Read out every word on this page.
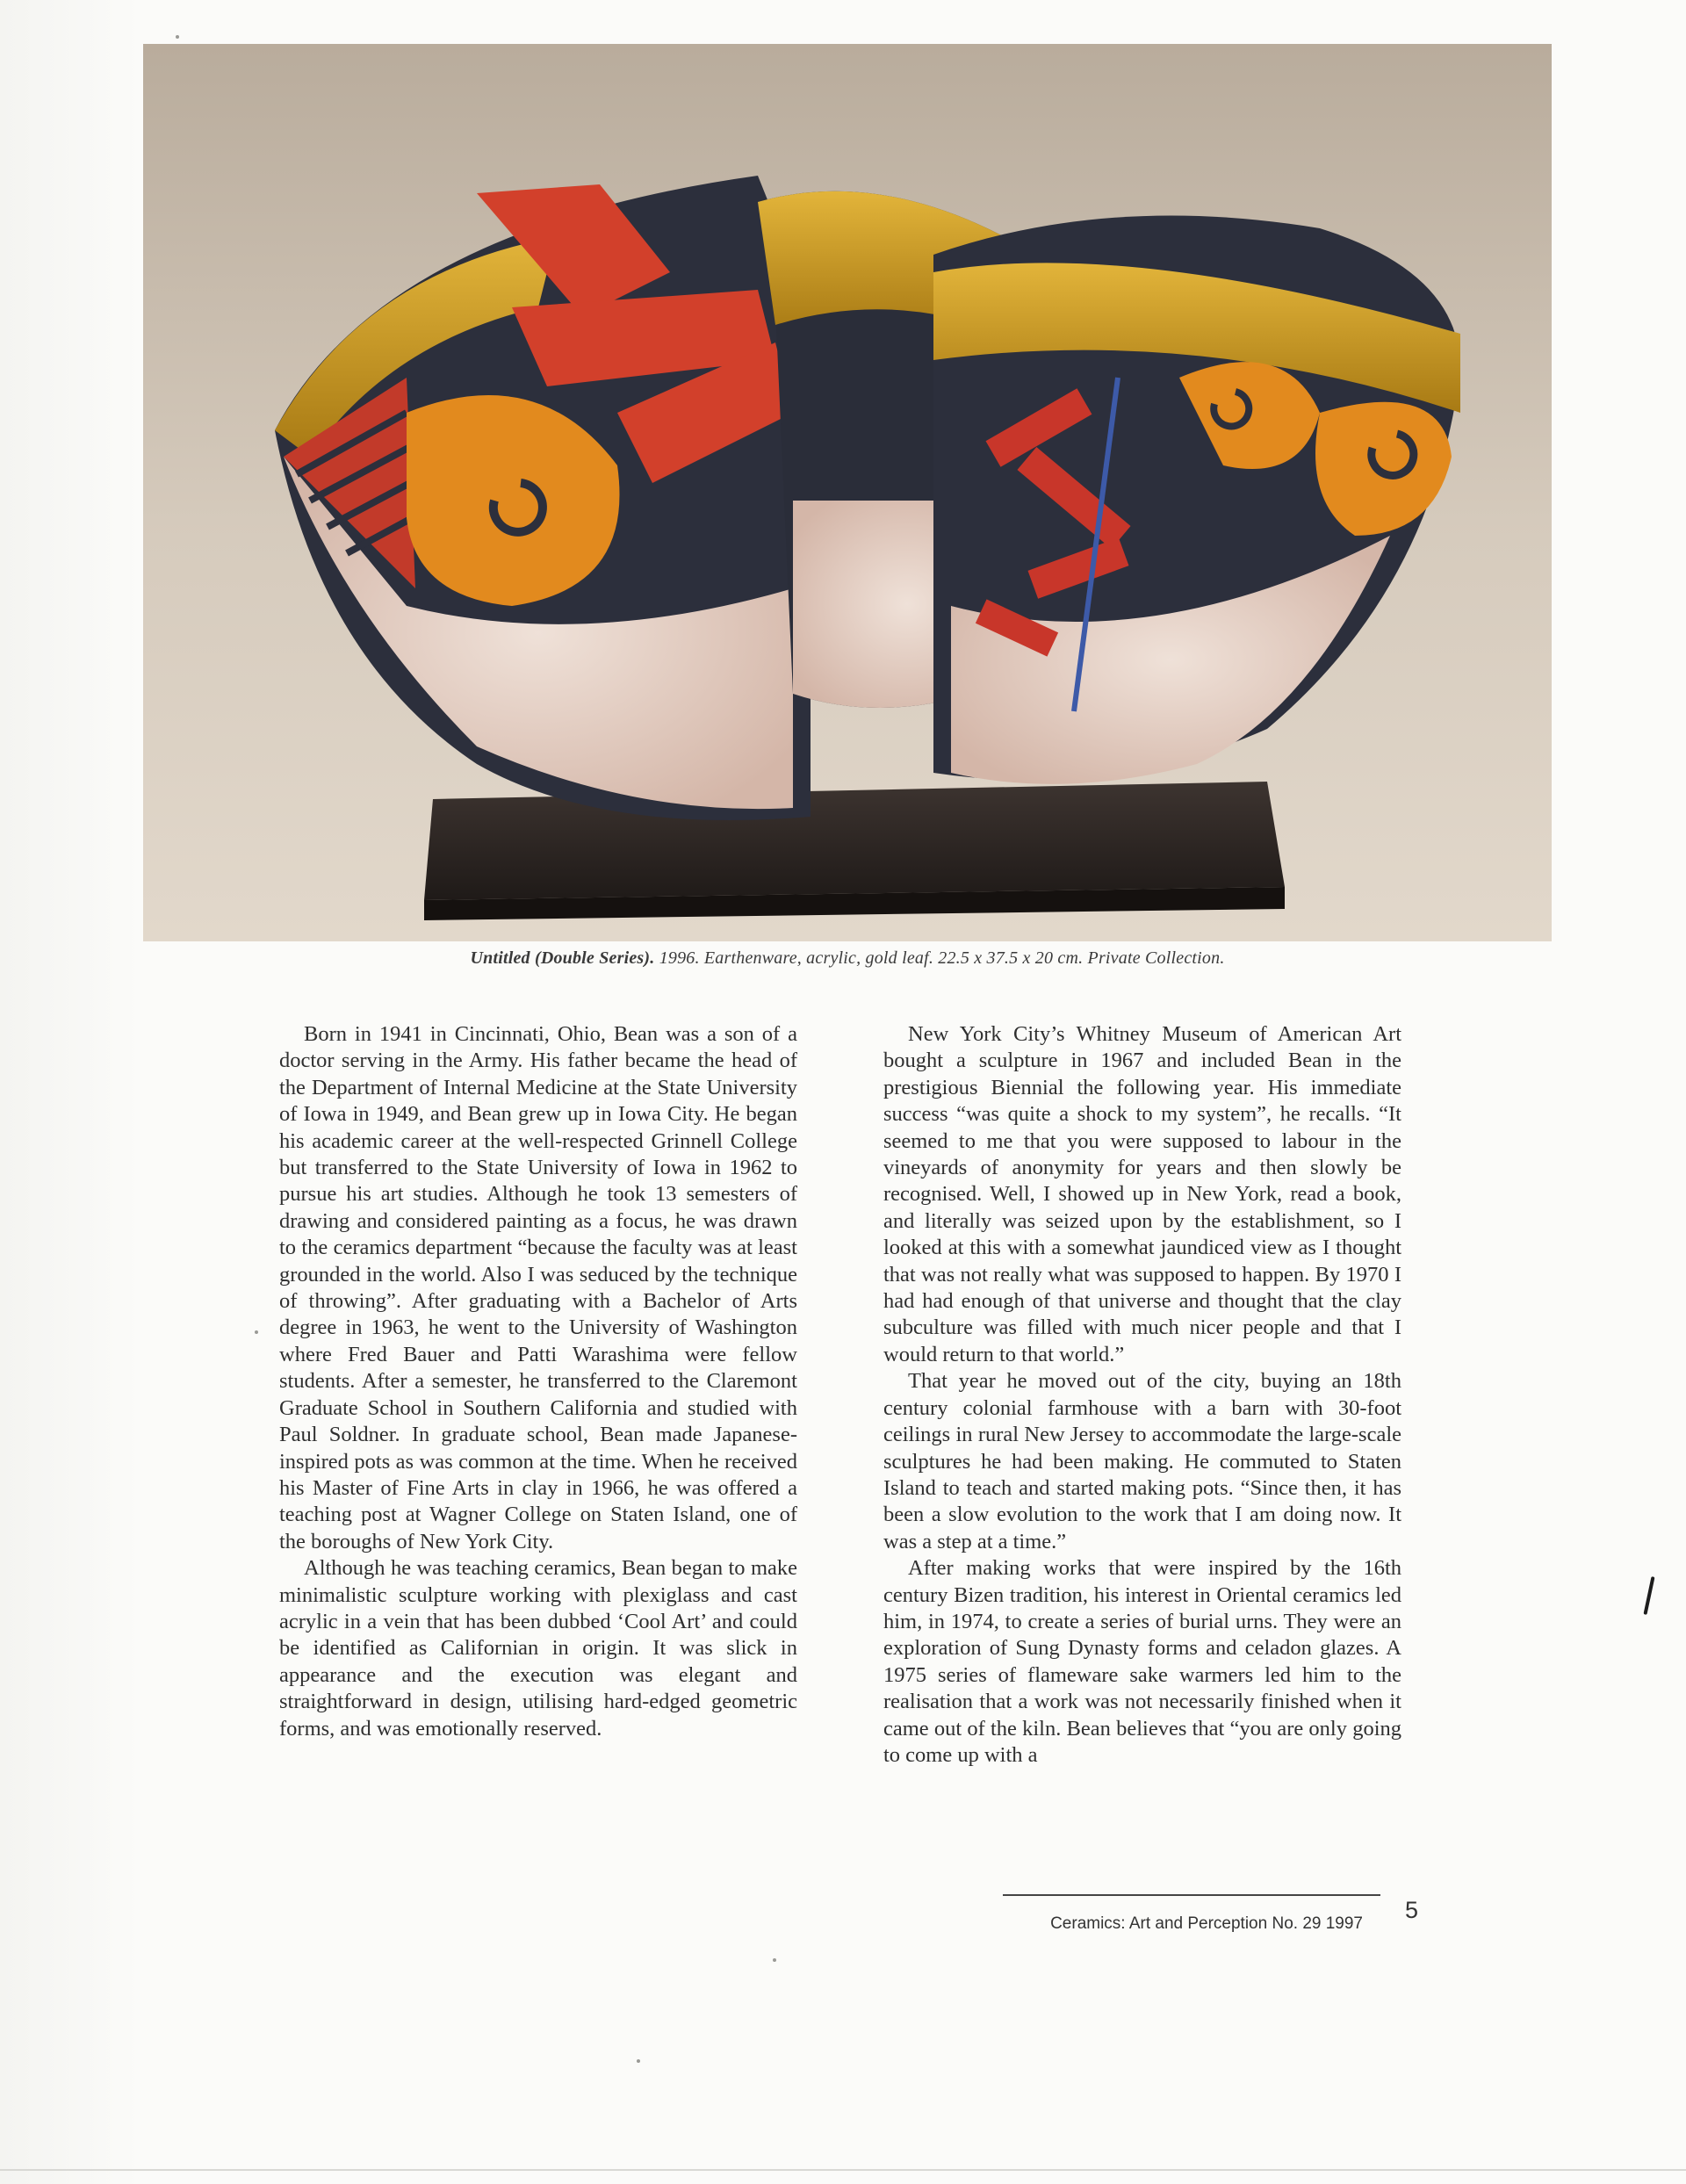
Untitled (Double Series). 1996. Earthenware, acrylic, gold leaf. 22.5 x 37.5 x 20 cm. Private Collection.

Born in 1941 in Cincinnati, Ohio, Bean was a son of a doctor serving in the Army. His father became the head of the Department of Internal Medicine at the State University of Iowa in 1949, and Bean grew up in Iowa City. He began his academic career at the well-respected Grinnell College but transferred to the State University of Iowa in 1962 to pursue his art studies. Although he took 13 semesters of drawing and considered painting as a focus, he was drawn to the ceramics department “because the faculty was at least grounded in the world. Also I was seduced by the technique of throwing”. After graduating with a Bachelor of Arts degree in 1963, he went to the University of Washington where Fred Bauer and Patti Warashima were fellow students. After a semester, he transferred to the Claremont Graduate School in Southern California and studied with Paul Soldner. In graduate school, Bean made Japanese-inspired pots as was common at the time. When he received his Master of Fine Arts in clay in 1966, he was offered a teaching post at Wagner College on Staten Island, one of the boroughs of New York City.

Although he was teaching ceramics, Bean began to make minimalistic sculpture working with plexiglass and cast acrylic in a vein that has been dubbed ‘Cool Art’ and could be identified as Californian in origin. It was slick in appearance and the execution was elegant and straightforward in design, utilising hard-edged geometric forms, and was emotionally reserved.

New York City’s Whitney Museum of American Art bought a sculpture in 1967 and included Bean in the prestigious Biennial the following year. His immediate success “was quite a shock to my system”, he recalls. “It seemed to me that you were supposed to labour in the vineyards of anonymity for years and then slowly be recognised. Well, I showed up in New York, read a book, and literally was seized upon by the establishment, so I looked at this with a somewhat jaundiced view as I thought that was not really what was supposed to happen. By 1970 I had had enough of that universe and thought that the clay subculture was filled with much nicer people and that I would return to that world.”

That year he moved out of the city, buying an 18th century colonial farmhouse with a barn with 30-foot ceilings in rural New Jersey to accommodate the large-scale sculptures he had been making. He commuted to Staten Island to teach and started making pots. “Since then, it has been a slow evolution to the work that I am doing now. It was a step at a time.”

After making works that were inspired by the 16th century Bizen tradition, his interest in Oriental ceramics led him, in 1974, to create a series of burial urns. They were an exploration of Sung Dynasty forms and celadon glazes. A 1975 series of flameware sake warmers led him to the realisation that a work was not necessarily finished when it came out of the kiln. Bean believes that “you are only going to come up with a

Ceramics: Art and Perception No. 29 1997
5
